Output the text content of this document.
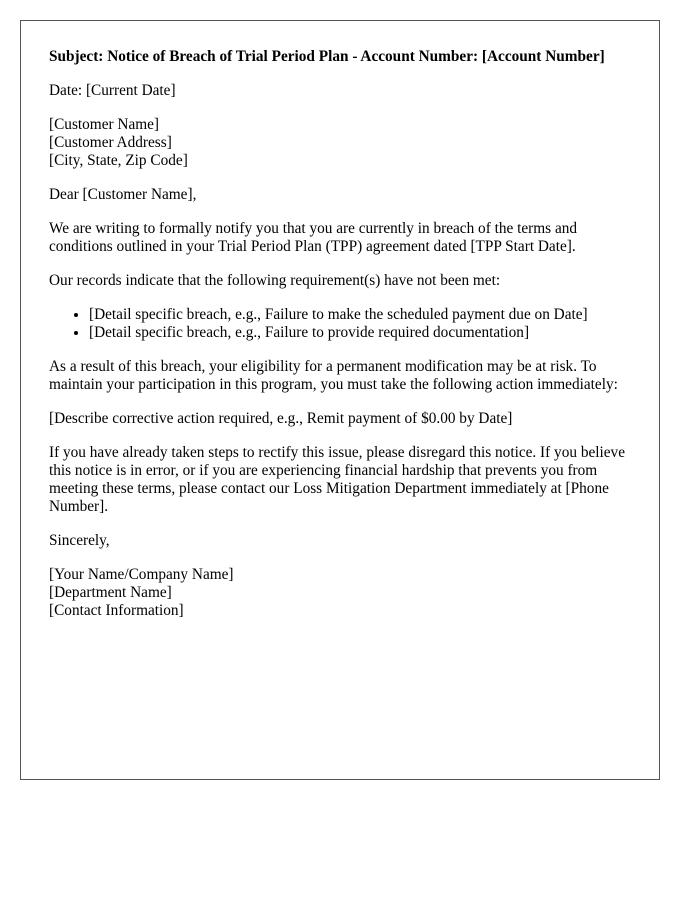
Subject: Notice of Breach of Trial Period Plan - Account Number: [Account Number]

Date: [Current Date]

[Customer Name]
[Customer Address]
[City, State, Zip Code]

Dear [Customer Name],

We are writing to formally notify you that you are currently in breach of the terms and conditions outlined in your Trial Period Plan (TPP) agreement dated [TPP Start Date].

Our records indicate that the following requirement(s) have not been met:

• [Detail specific breach, e.g., Failure to make the scheduled payment due on Date]
• [Detail specific breach, e.g., Failure to provide required documentation]

As a result of this breach, your eligibility for a permanent modification may be at risk. To maintain your participation in this program, you must take the following action immediately:

[Describe corrective action required, e.g., Remit payment of $0.00 by Date]

If you have already taken steps to rectify this issue, please disregard this notice. If you believe this notice is in error, or if you are experiencing financial hardship that prevents you from meeting these terms, please contact our Loss Mitigation Department immediately at [Phone Number].

Sincerely,

[Your Name/Company Name]
[Department Name]
[Contact Information]
